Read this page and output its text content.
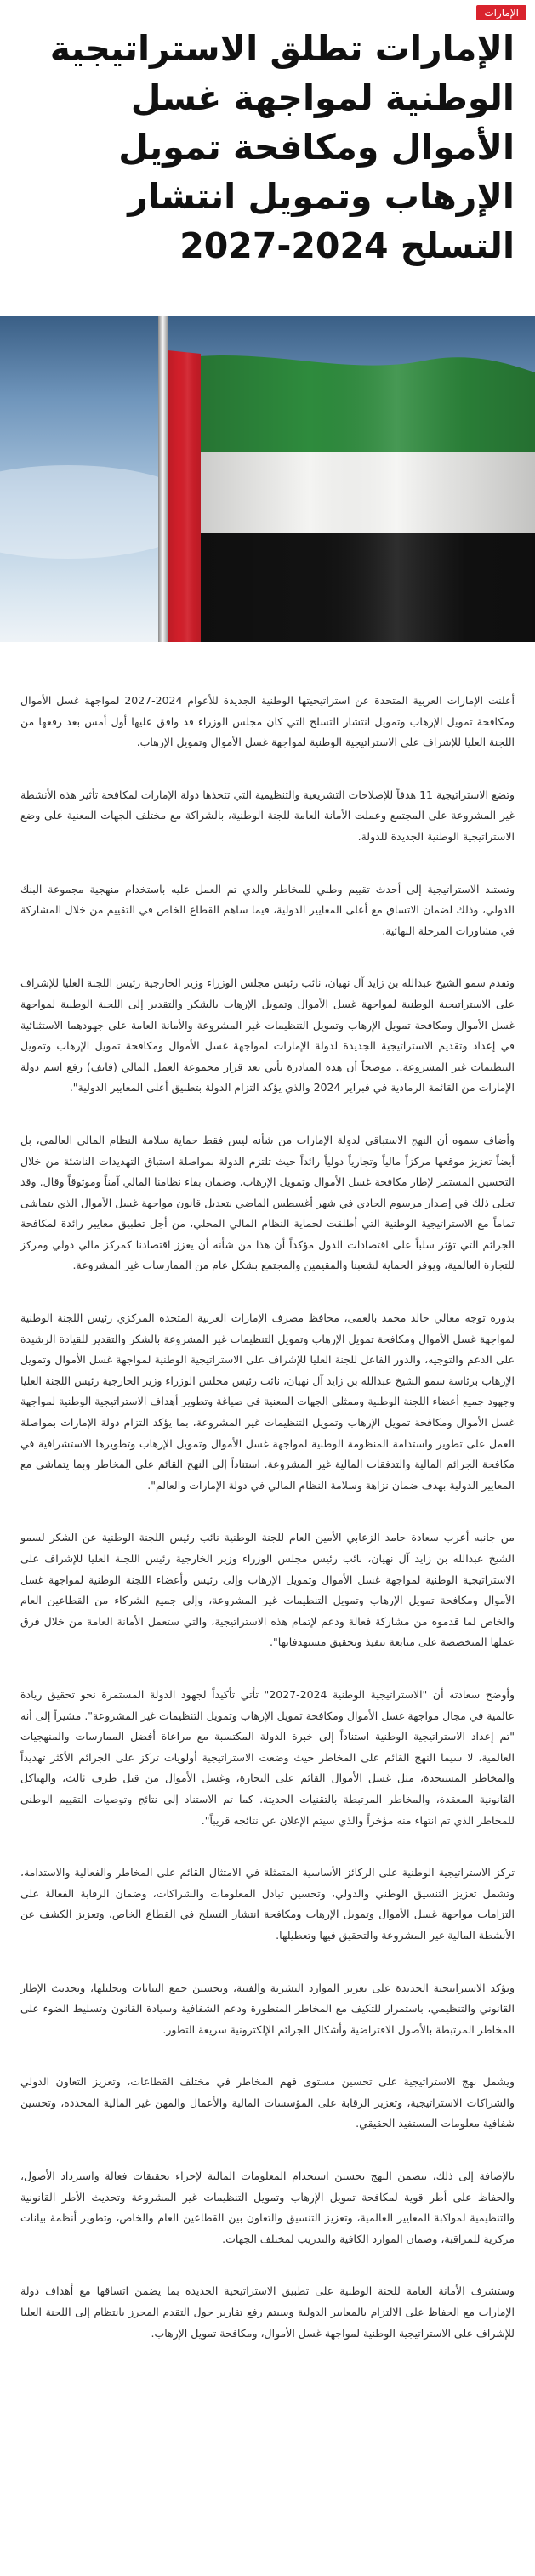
الإمارات
الإمارات تطلق الاستراتيجية الوطنية لمواجهة غسل الأموال ومكافحة تمويل الإرهاب وتمويل انتشار التسلح 2024-2027

أعلنت الإمارات العربية المتحدة عن استراتيجيتها الوطنية الجديدة للأعوام 2024-2027 لمواجهة غسل الأموال ومكافحة تمويل الإرهاب وتمويل انتشار التسلح التي كان مجلس الوزراء قد وافق عليها أول أمس بعد رفعها من اللجنة العليا للإشراف على الاستراتيجية الوطنية لمواجهة غسل الأموال وتمويل الإرهاب.

وتضع الاستراتيجية 11 هدفاً للإصلاحات التشريعية والتنظيمية التي تتخذها دولة الإمارات لمكافحة تأثير هذه الأنشطة غير المشروعة على المجتمع وعملت الأمانة العامة للجنة الوطنية، بالشراكة مع مختلف الجهات المعنية على وضع الاستراتيجية الوطنية الجديدة للدولة.

وتستند الاستراتيجية إلى أحدث تقييم وطني للمخاطر والذي تم العمل عليه باستخدام منهجية مجموعة البنك الدولي، وذلك لضمان الاتساق مع أعلى المعايير الدولية، فيما ساهم القطاع الخاص في التقييم من خلال المشاركة في مشاورات المرحلة النهائية.

وتقدم سمو الشيخ عبدالله بن زايد آل نهيان، نائب رئيس مجلس الوزراء وزير الخارجية رئيس اللجنة العليا للإشراف على الاستراتيجية الوطنية لمواجهة غسل الأموال وتمويل الإرهاب بالشكر والتقدير إلى اللجنة الوطنية لمواجهة غسل الأموال ومكافحة تمويل الإرهاب وتمويل التنظيمات غير المشروعة والأمانة العامة على جهودهما الاستثنائية في إعداد وتقديم الاستراتيجية الجديدة لدولة الإمارات لمواجهة غسل الأموال ومكافحة تمويل الإرهاب وتمويل التنظيمات غير المشروعة.. موضحاً أن هذه المبادرة تأتي بعد قرار مجموعة العمل المالي (فاتف) رفع اسم دولة الإمارات من القائمة الرمادية في فبراير 2024 والذي يؤكد التزام الدولة بتطبيق أعلى المعايير الدولية".

وأضاف سموه أن النهج الاستباقي لدولة الإمارات من شأنه ليس فقط حماية سلامة النظام المالي العالمي، بل أيضاً تعزيز موقعها مركزاً مالياً وتجارياً دولياً رائداً حيث تلتزم الدولة بمواصلة استباق التهديدات الناشئة من خلال التحسين المستمر لإطار مكافحة غسل الأموال وتمويل الإرهاب. وضمان بقاء نظامنا المالي آمناً وموثوقاً وقال. وقد تجلى ذلك في إصدار مرسوم الحادي في شهر أغسطس الماضي بتعديل قانون مواجهة غسل الأموال الذي يتماشى تماماً مع الاستراتيجية الوطنية التي أطلقت لحماية النظام المالي المحلي، من أجل تطبيق معايير رائدة لمكافحة الجرائم التي تؤثر سلباً على اقتصادات الدول مؤكداً أن هذا من شأنه أن يعزز اقتصادنا كمركز مالي دولي ومركز للتجارة العالمية، ويوفر الحماية لشعبنا والمقيمين والمجتمع بشكل عام من الممارسات غير المشروعة.

بدوره توجه معالي خالد محمد بالعمى، محافظ مصرف الإمارات العربية المتحدة المركزي رئيس اللجنة الوطنية لمواجهة غسل الأموال ومكافحة تمويل الإرهاب وتمويل التنظيمات غير المشروعة بالشكر والتقدير للقيادة الرشيدة على الدعم والتوجيه، والدور الفاعل للجنة العليا للإشراف على الاستراتيجية الوطنية لمواجهة غسل الأموال وتمويل الإرهاب برئاسة سمو الشيخ عبدالله بن زايد آل نهيان، نائب رئيس مجلس الوزراء وزير الخارجية رئيس اللجنة العليا وجهود جميع أعضاء اللجنة الوطنية وممثلي الجهات المعنية في صياغة وتطوير أهداف الاستراتيجية الوطنية لمواجهة غسل الأموال ومكافحة تمويل الإرهاب وتمويل التنظيمات غير المشروعة، بما يؤكد التزام دولة الإمارات بمواصلة العمل على تطوير واستدامة المنظومة الوطنية لمواجهة غسل الأموال وتمويل الإرهاب وتطويرها الاستشرافية في مكافحة الجرائم المالية والتدفقات المالية غير المشروعة. استناداً إلى النهج القائم على المخاطر وبما يتماشى مع المعايير الدولية بهدف ضمان نزاهة وسلامة النظام المالي في دولة الإمارات والعالم".

من جانبه أعرب سعادة حامد الزعابي الأمين العام للجنة الوطنية نائب رئيس اللجنة الوطنية عن الشكر لسمو الشيخ عبدالله بن زايد آل نهيان، نائب رئيس مجلس الوزراء وزير الخارجية رئيس اللجنة العليا للإشراف على الاستراتيجية الوطنية لمواجهة غسل الأموال وتمويل الإرهاب وإلى رئيس وأعضاء اللجنة الوطنية لمواجهة غسل الأموال ومكافحة تمويل الإرهاب وتمويل التنظيمات غير المشروعة، وإلى جميع الشركاء من القطاعين العام والخاص لما قدموه من مشاركة فعالة ودعم لإتمام هذه الاستراتيجية، والتي ستعمل الأمانة العامة من خلال فرق عملها المتخصصة على متابعة تنفيذ وتحقيق مستهدفاتها".

وأوضح سعادته أن "الاستراتيجية الوطنية 2024-2027" تأتي تأكيداً لجهود الدولة المستمرة نحو تحقيق ريادة عالمية في مجال مواجهة غسل الأموال ومكافحة تمويل الإرهاب وتمويل التنظيمات غير المشروعة". مشيراً إلى أنه "تم إعداد الاستراتيجية الوطنية استناداً إلى خبرة الدولة المكتسبة مع مراعاة أفضل الممارسات والمنهجيات العالمية، لا سيما النهج القائم على المخاطر حيث وضعت الاستراتيجية أولويات تركز على الجرائم الأكثر تهديداً والمخاطر المستجدة، مثل غسل الأموال القائم على التجارة، وغسل الأموال من قبل طرف ثالث، والهياكل القانونية المعقدة، والمخاطر المرتبطة بالتقنيات الحديثة. كما تم الاستناد إلى نتائج وتوصيات التقييم الوطني للمخاطر الذي تم انتهاء منه مؤخراً والذي سيتم الإعلان عن نتائجه قريباً".

تركز الاستراتيجية الوطنية على الركائز الأساسية المتمثلة في الامتثال القائم على المخاطر والفعالية والاستدامة، وتشمل تعزيز التنسيق الوطني والدولي، وتحسين تبادل المعلومات والشراكات، وضمان الرقابة الفعالة على التزامات مواجهة غسل الأموال وتمويل الإرهاب ومكافحة انتشار التسلح في القطاع الخاص، وتعزيز الكشف عن الأنشطة المالية غير المشروعة والتحقيق فيها وتعطيلها.

وتؤكد الاستراتيجية الجديدة على تعزيز الموارد البشرية والفنية، وتحسين جمع البيانات وتحليلها، وتحديث الإطار القانوني والتنظيمي، باستمرار للتكيف مع المخاطر المتطورة ودعم الشفافية وسيادة القانون وتسليط الضوء على المخاطر المرتبطة بالأصول الافتراضية وأشكال الجرائم الإلكترونية سريعة التطور.

ويشمل نهج الاستراتيجية على تحسين مستوى فهم المخاطر في مختلف القطاعات، وتعزيز التعاون الدولي والشراكات الاستراتيجية، وتعزيز الرقابة على المؤسسات المالية والأعمال والمهن غير المالية المحددة، وتحسين شفافية معلومات المستفيد الحقيقي.

بالإضافة إلى ذلك، تتضمن النهج تحسين استخدام المعلومات المالية لإجراء تحقيقات فعالة واسترداد الأصول، والحفاظ على أطر قوية لمكافحة تمويل الإرهاب وتمويل التنظيمات غير المشروعة وتحديث الأطر القانونية والتنظيمية لمواكبة المعايير العالمية، وتعزيز التنسيق والتعاون بين القطاعين العام والخاص، وتطوير أنظمة بيانات مركزية للمراقبة، وضمان الموارد الكافية والتدريب لمختلف الجهات.

وستشرف الأمانة العامة للجنة الوطنية على تطبيق الاستراتيجية الجديدة بما يضمن اتساقها مع أهداف دولة الإمارات مع الحفاظ على الالتزام بالمعايير الدولية وسيتم رفع تقارير حول التقدم المحرز بانتظام إلى اللجنة العليا للإشراف على الاستراتيجية الوطنية لمواجهة غسل الأموال، ومكافحة تمويل الإرهاب.
